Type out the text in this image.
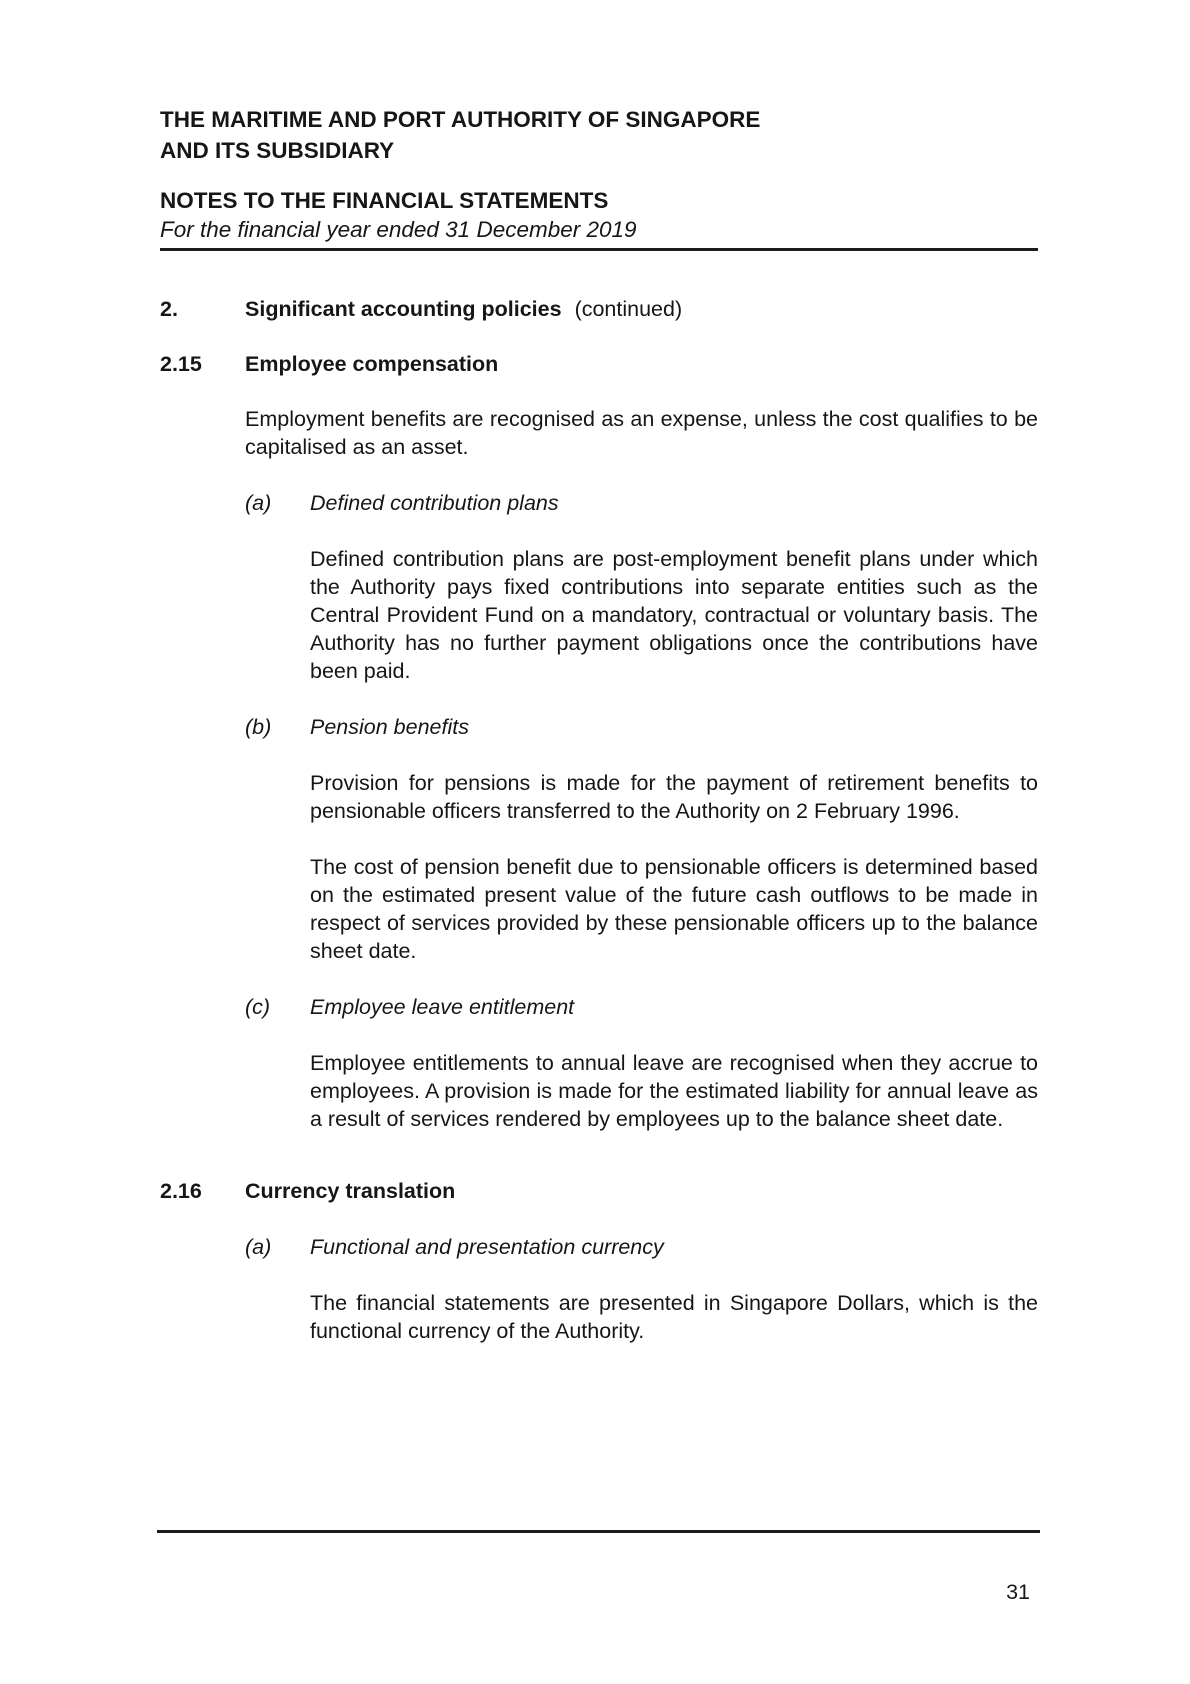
THE MARITIME AND PORT AUTHORITY OF SINGAPORE
AND ITS SUBSIDIARY
NOTES TO THE FINANCIAL STATEMENTS
For the financial year ended 31 December 2019
2.	Significant accounting policies (continued)
2.15	Employee compensation

Employment benefits are recognised as an expense, unless the cost qualifies to be capitalised as an asset.

(a)	Defined contribution plans

Defined contribution plans are post-employment benefit plans under which the Authority pays fixed contributions into separate entities such as the Central Provident Fund on a mandatory, contractual or voluntary basis. The Authority has no further payment obligations once the contributions have been paid.

(b)	Pension benefits

Provision for pensions is made for the payment of retirement benefits to pensionable officers transferred to the Authority on 2 February 1996.

The cost of pension benefit due to pensionable officers is determined based on the estimated present value of the future cash outflows to be made in respect of services provided by these pensionable officers up to the balance sheet date.

(c)	Employee leave entitlement

Employee entitlements to annual leave are recognised when they accrue to employees. A provision is made for the estimated liability for annual leave as a result of services rendered by employees up to the balance sheet date.

2.16	Currency translation
(a)	Functional and presentation currency

The financial statements are presented in Singapore Dollars, which is the functional currency of the Authority.

31
